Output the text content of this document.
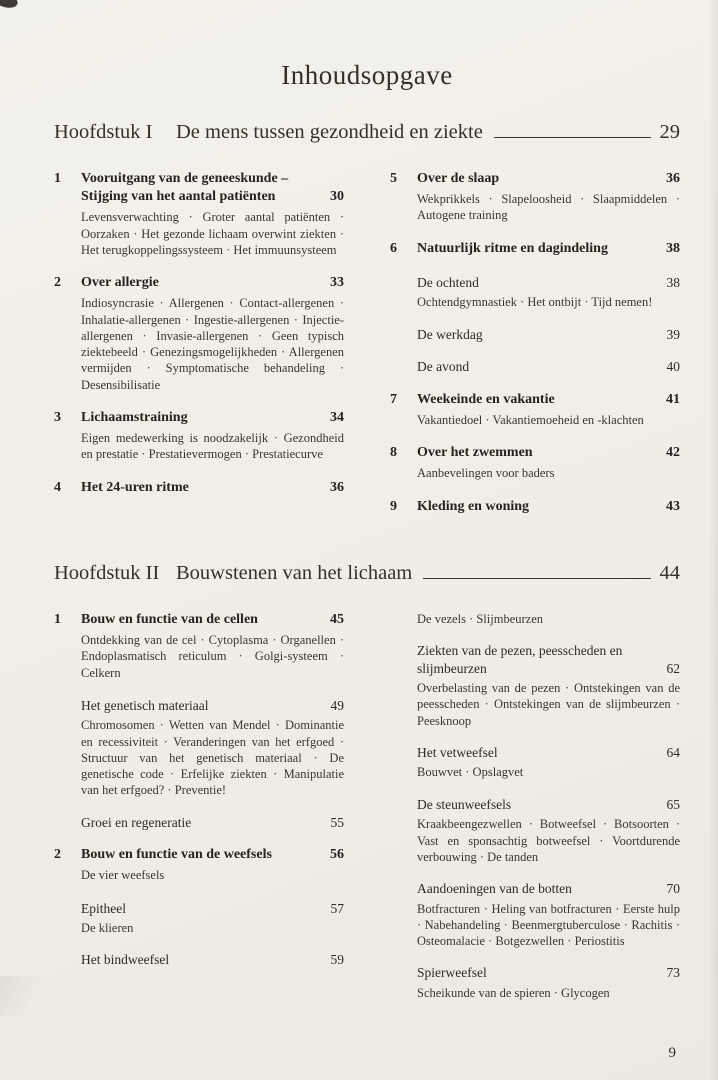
Inhoudsopgave
Hoofdstuk I	De mens tussen gezondheid en ziekte	29
1	Vooruitgang van de geneeskunde – Stijging van het aantal patiënten	30
Levensverwachting · Groter aantal patiënten · Oorzaken · Het gezonde lichaam overwint ziekten · Het terugkoppelingssysteem · Het immuunsysteem
2	Over allergie	33
Indiosyncrasie · Allergenen · Contact-allergenen · Inhalatie-allergenen · Ingestie-allergenen · Injectie-allergenen · Invasie-allergenen · Geen typisch ziektebeeld · Genezingsmogelijkheden · Allergenen vermijden · Symptomatische behandeling · Desensibilisatie
3	Lichaamstraining	34
Eigen medewerking is noodzakelijk · Gezondheid en prestatie · Prestatievermogen · Prestatiecurve
4	Het 24-uren ritme	36
5	Over de slaap	36
Wekprikkels · Slapeloosheid · Slaapmiddelen · Autogene training
6	Natuurlijk ritme en dagindeling	38
De ochtend	38
Ochtendgymnastiek · Het ontbijt · Tijd nemen!
De werkdag	39
De avond	40
7	Weekeinde en vakantie	41
Vakantiedoel · Vakantiemoeheid en -klachten
8	Over het zwemmen	42
Aanbevelingen voor baders
9	Kleding en woning	43
Hoofdstuk II Bouwstenen van het lichaam	44
1	Bouw en functie van de cellen	45
Ontdekking van de cel · Cytoplasma · Organellen · Endoplasmatisch reticulum · Golgi-systeem · Celkern
Het genetisch materiaal	49
Chromosomen · Wetten van Mendel · Dominantie en recessiviteit · Veranderingen van het erfgoed · Structuur van het genetisch materiaal · De genetische code · Erfelijke ziekten · Manipulatie van het erfgoed? · Preventie!
Groei en regeneratie	55
2	Bouw en functie van de weefsels	56
De vier weefsels
Epitheel	57
De klieren
Het bindweefsel	59
De vezels · Slijmbeurzen
Ziekten van de pezen, peesscheden en slijmbeurzen	62
Overbelasting van de pezen · Ontstekingen van de peesscheden · Ontstekingen van de slijmbeurzen · Peesknoop
Het vetweefsel	64
Bouwvet · Opslagvet
De steunweefsels	65
Kraakbeengezwellen · Botweefsel · Botsoorten · Vast en sponsachtig botweefsel · Voortdurende verbouwing · De tanden
Aandoeningen van de botten	70
Botfracturen · Heling van botfracturen · Eerste hulp · Nabehandeling · Beenmergtuberculose · Rachitis · Osteomalacie · Botgezwellen · Periostitis
Spierweefsel	73
Scheikunde van de spieren · Glycogen
9
